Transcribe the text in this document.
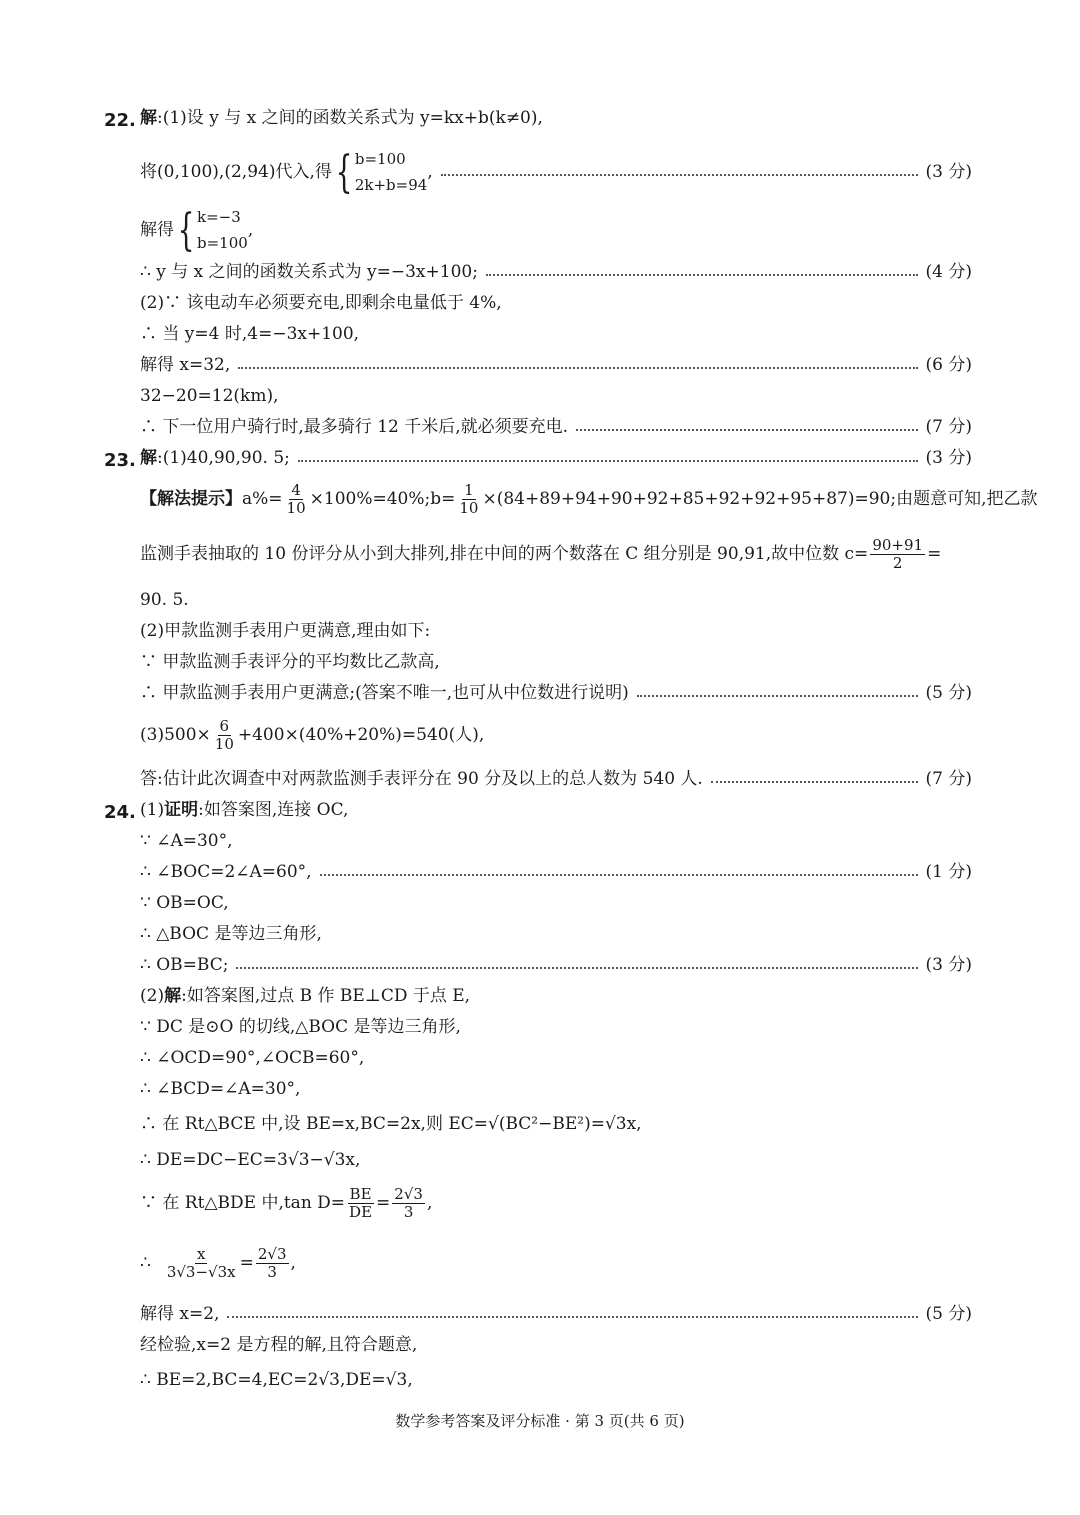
22. 解 :(1)设 y 与 x 之间的函数关系式为 y=kx+b(k≠0),
将(0,100),(2,94)代入,得 { b=100
2k+b=94
,	(3 分)
解得 { k=−3
b=100
,
∴ y 与 x 之间的函数关系式为 y=−3x+100;	(4 分)
(2)∵ 该电动车必须要充电,即剩余电量低于 4%,
∴ 当 y=4 时,4=−3x+100,
解得 x=32,	(6 分)
32−20=12(km),
∴ 下一位用户骑行时,最多骑行 12 千米后,就必须要充电.	(7 分)
23. 解 :(1)40,90,90. 5;	(3 分)
【解法提示】 $a\%= \frac{4}{10}$ ×100%=40%;b= $\frac{1}{10} \times(84+89+94+90+92+85+92+92+95+87)=90$;由题意可知,把乙款
监测手表抽取的 10 份评分从小到大排列,排在中间的两个数落在 C 组分别是 90,91,故中位数 $c= \frac{90+91}{2}$ =
90. 5.
(2)甲款监测手表用户更满意,理由如下:
∵ 甲款监测手表评分的平均数比乙款高,
∴ 甲款监测手表用户更满意;(答案不唯一,也可从中位数进行说明)	(5 分)
$(3)500\times \frac{6}{10} +400\times(40\%+20\%)=540$(人),
答:估计此次调查中对两款监测手表评分在 90 分及以上的总人数为 540 人.	(7 分)
24. (1) 证明 :如答案图,连接 OC,
∵ ∠A=30°,
∴ ∠BOC=2∠A=60°,	(1 分)
∵ OB=OC,
∴ △BOC 是等边三角形,
∴ OB=BC;	(3 分)
(2) 解 :如答案图,过点 B 作 BE⊥CD 于点 E,
∵ DC 是⊙O 的切线,△BOC 是等边三角形,
∴ ∠OCD=90°,∠OCB=60°,
∴ ∠BCD=∠A=30°,
∴ 在 Rt△BCE 中,设 BE=x,BC=2x,则 EC=√(BC²−BE²)=√3x,
∴ DE=DC−EC=3√3−√3x,
∵ 在 Rt△BDE 中,tan $D= \frac{BE}{DE} = \frac{2√3}{3}$ ,
∴ $\frac{x}{3√3-√3x} = \frac{2√3}{3}$ ,
解得 x=2,	(5 分)
经检验,x=2 是方程的解,且符合题意,
∴ BE=2,BC=4,EC=2√3,DE=√3,
数学参考答案及评分标准 · 第 3 页(共 6 页)
